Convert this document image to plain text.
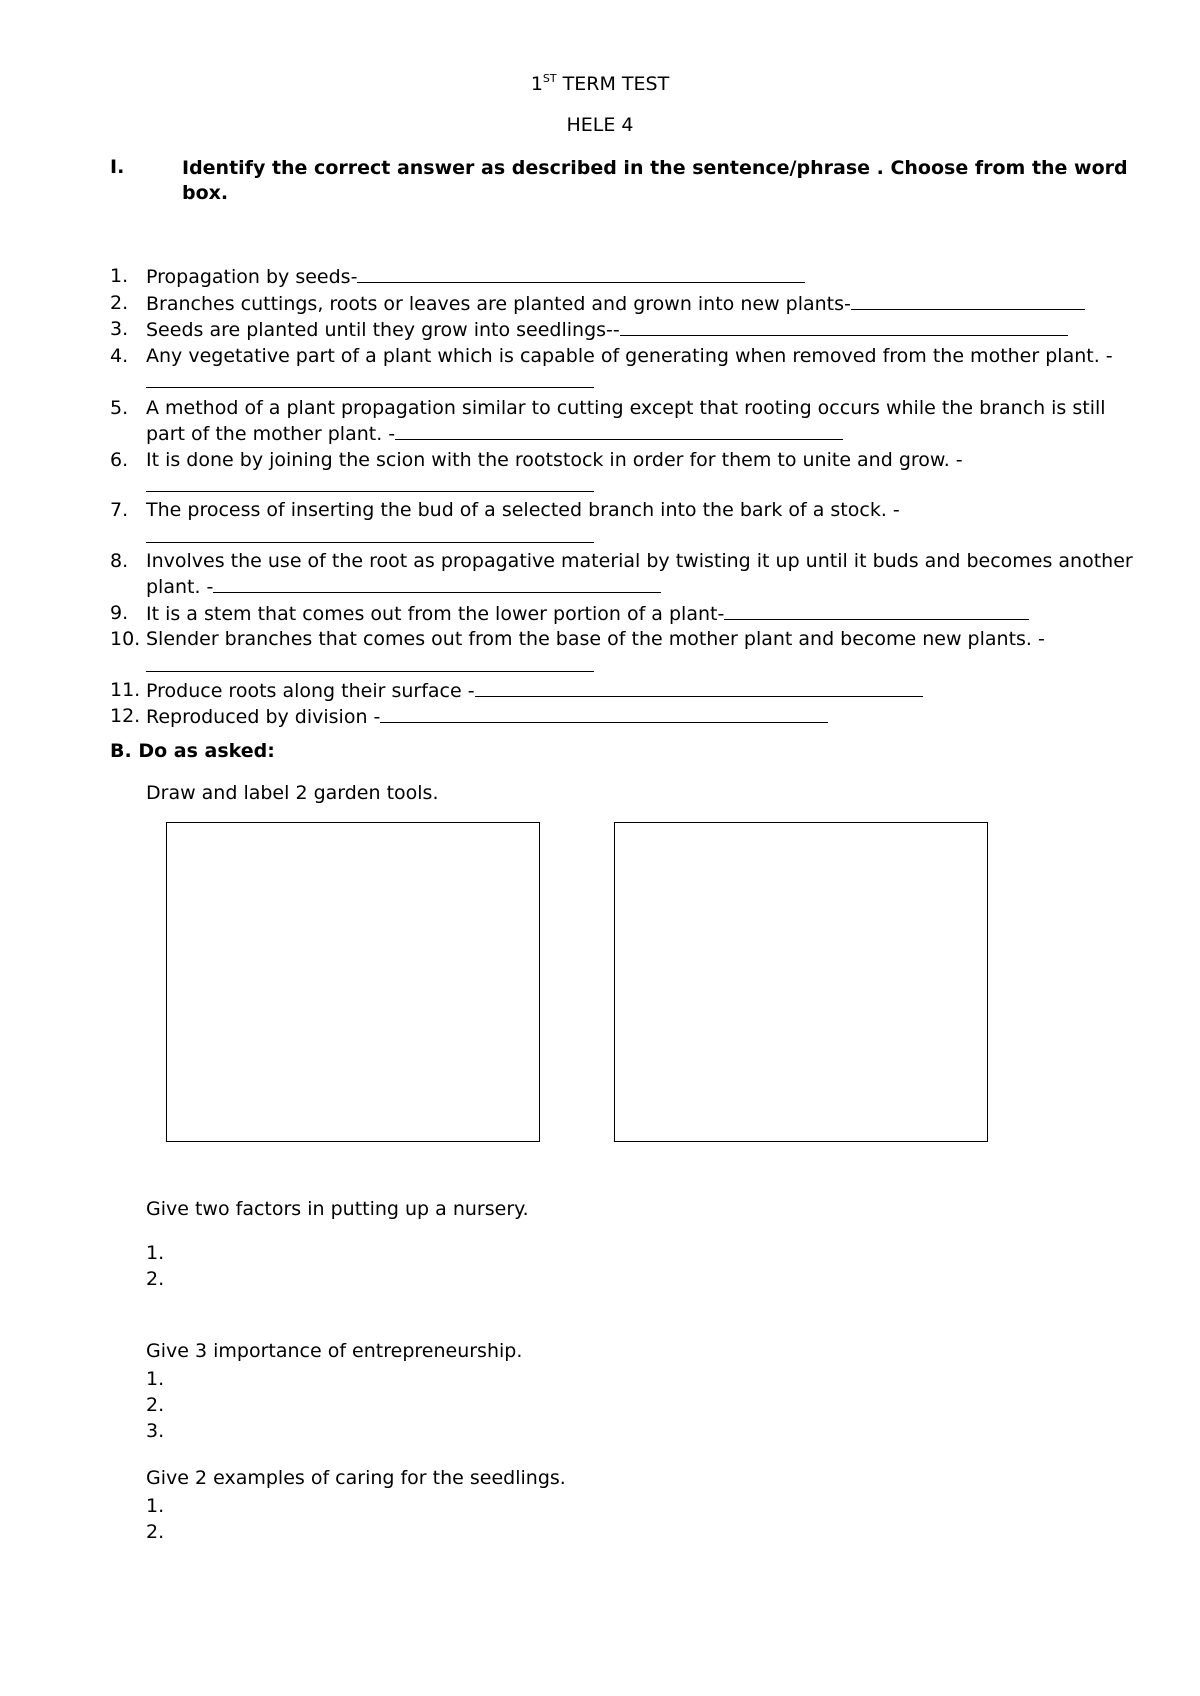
1ST TERM TEST
HELE 4
I.	Identify the correct answer as described in the sentence/phrase . Choose from the word box.
1. Propagation by seeds-
2. Branches cuttings, roots or leaves are planted and grown into new plants-
3. Seeds are planted until they grow into seedlings--
4. Any vegetative part of a plant which is capable of generating when removed from the mother plant. -
5. A method of a plant propagation similar to cutting except that rooting occurs while the branch is still part of the mother plant. -
6. It is done by joining the scion with the rootstock in order for them to unite and grow. -
7. The process of inserting the bud of a selected branch into the bark of a stock. -
8. Involves the use of the root as propagative material by twisting it up until it buds and becomes another plant. -
9. It is a stem that comes out from the lower portion of a plant-
10. Slender branches that comes out from the base of the mother plant and become new plants. -
11. Produce roots along their surface -
12. Reproduced by division -
B. Do as asked:
Draw and label 2 garden tools.
Give two factors in putting up a nursery.
1.
2.
Give 3 importance of entrepreneurship.
1.
2.
3.
Give 2 examples of caring for the seedlings.
1.
2.
